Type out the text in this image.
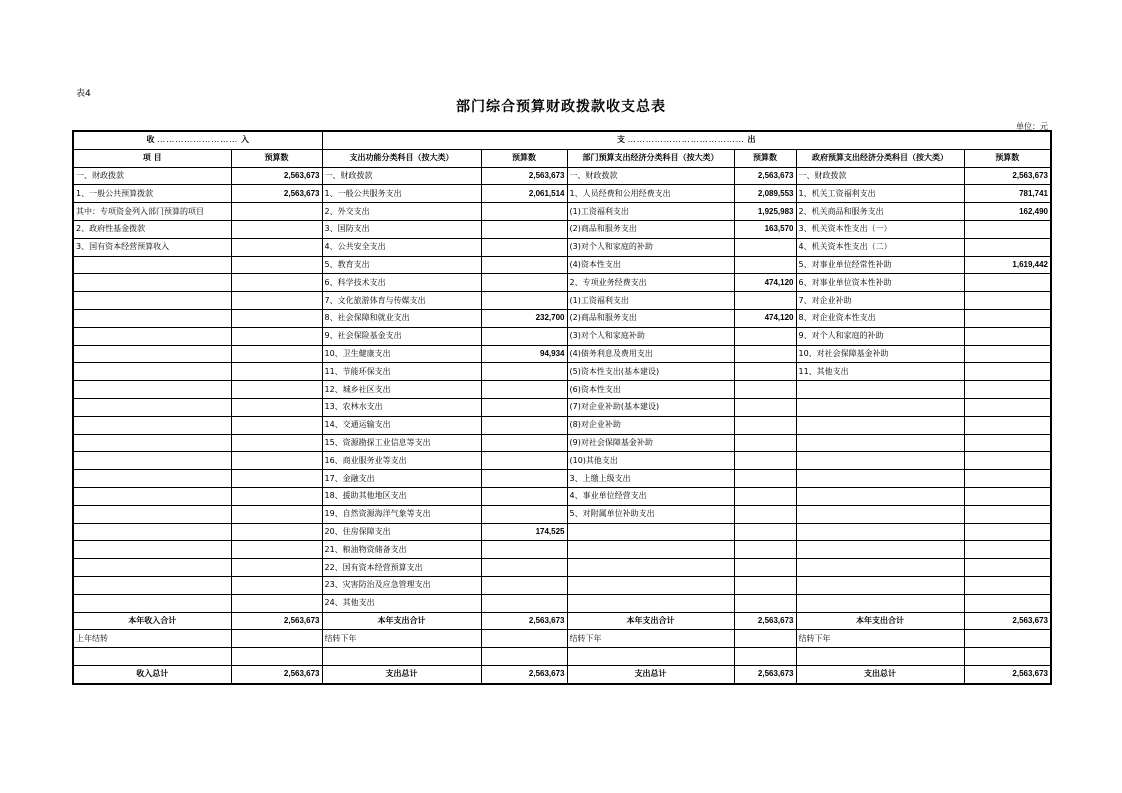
表4
部门综合预算财政拨款收支总表
单位：元
收 ……………………… 入		支 ………………………………… 出					
项 目	预算数	支出功能分类科目（按大类）	预算数	部门预算支出经济分类科目（按大类）	预算数	政府预算支出经济分类科目（按大类）	预算数
一、财政拨款	2,563,673	一、财政拨款	2,563,673	一、财政拨款	2,563,673	一、财政拨款	2,563,673
1、一般公共预算拨款	2,563,673	1、一般公共服务支出	2,061,514	1、人员经费和公用经费支出	2,089,553	1、机关工资福利支出	781,741
其中：专项资金列入部门预算的项目		2、外交支出		(1)工资福利支出	1,925,983	2、机关商品和服务支出	162,490
2、政府性基金拨款		3、国防支出		(2)商品和服务支出	163,570	3、机关资本性支出（一）	
3、国有资本经营预算收入		4、公共安全支出		(3)对个人和家庭的补助		4、机关资本性支出（二）	
		5、教育支出		(4)资本性支出		5、对事业单位经常性补助	1,619,442
		6、科学技术支出		2、专项业务经费支出	474,120	6、对事业单位资本性补助	
		7、文化旅游体育与传媒支出		(1)工资福利支出		7、对企业补助	
		8、社会保障和就业支出	232,700	(2)商品和服务支出	474,120	8、对企业资本性支出	
		9、社会保险基金支出		(3)对个人和家庭补助		9、对个人和家庭的补助	
		10、卫生健康支出	94,934	(4)债务利息及费用支出		10、对社会保障基金补助	
		11、节能环保支出		(5)资本性支出(基本建设)		11、其他支出	
		12、城乡社区支出		(6)资本性支出			
		13、农林水支出		(7)对企业补助(基本建设)			
		14、交通运输支出		(8)对企业补助			
		15、资源勘探工业信息等支出		(9)对社会保障基金补助			
		16、商业服务业等支出		(10)其他支出			
		17、金融支出		3、上缴上级支出			
		18、援助其他地区支出		4、事业单位经营支出			
		19、自然资源海洋气象等支出		5、对附属单位补助支出			
		20、住房保障支出	174,525				
		21、粮油物资储备支出					
		22、国有资本经营预算支出					
		23、灾害防治及应急管理支出					
		24、其他支出					
本年收入合计	2,563,673	本年支出合计	2,563,673	本年支出合计	2,563,673	本年支出合计	2,563,673
上年结转		结转下年		结转下年		结转下年	

收入总计	2,563,673	支出总计	2,563,673	支出总计	2,563,673	支出总计	2,563,673
